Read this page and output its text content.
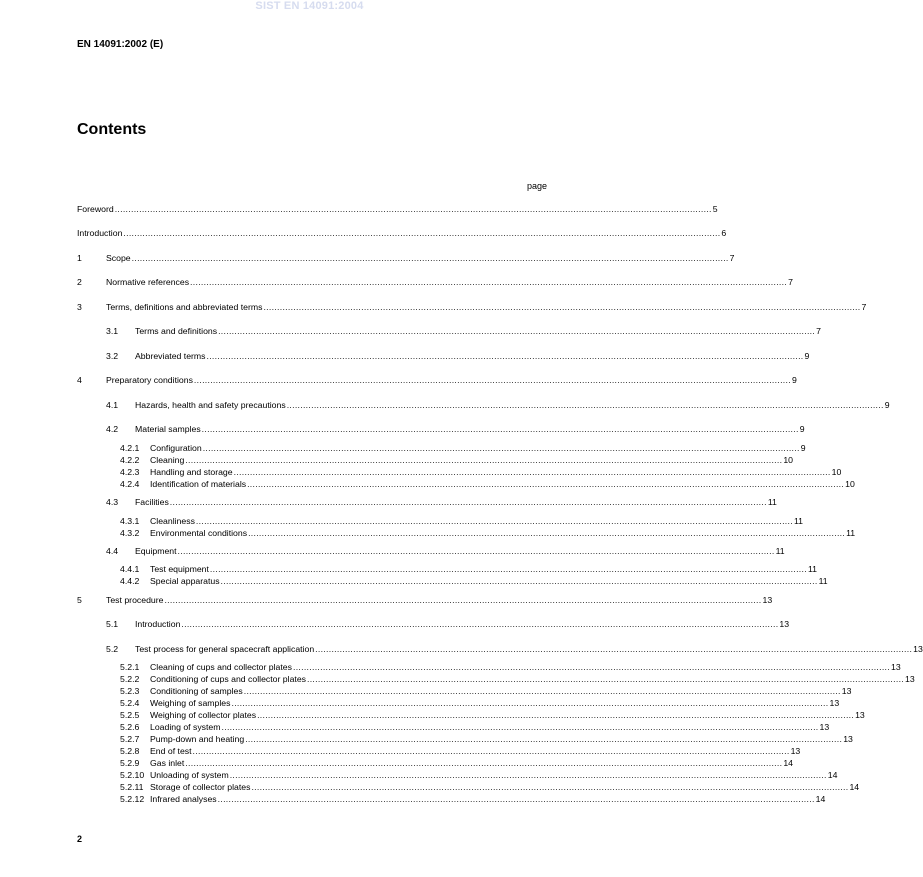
SIST EN 14091:2004
EN 14091:2002 (E)
Contents
page
Foreword ............................................................................................................................................................................................................................ 5
Introduction ............................................................................................................................................................................................................................ 6
1	Scope ............................................................................................................................................................................................................................ 7
2	Normative references ............................................................................................................................................................................................................................ 7
3	Terms, definitions and abbreviated terms ............................................................................................................................................................................................................................ 7
3.1	Terms and definitions ............................................................................................................................................................................................................................ 7
3.2	Abbreviated terms ............................................................................................................................................................................................................................ 9
4	Preparatory conditions ............................................................................................................................................................................................................................ 9
4.1	Hazards, health and safety precautions ............................................................................................................................................................................................................................ 9
4.2	Material samples ............................................................................................................................................................................................................................ 9
4.2.1	Configuration ............................................................................................................................................................................................................................ 9
4.2.2	Cleaning ............................................................................................................................................................................................................................ 10
4.2.3	Handling and storage ............................................................................................................................................................................................................................ 10
4.2.4	Identification of materials ............................................................................................................................................................................................................................ 10
4.3	Facilities ............................................................................................................................................................................................................................ 11
4.3.1	Cleanliness ............................................................................................................................................................................................................................ 11
4.3.2	Environmental conditions ............................................................................................................................................................................................................................ 11
4.4	Equipment ............................................................................................................................................................................................................................ 11
4.4.1	Test equipment ............................................................................................................................................................................................................................ 11
4.4.2	Special apparatus ............................................................................................................................................................................................................................ 11
5	Test procedure ............................................................................................................................................................................................................................ 13
5.1	Introduction ............................................................................................................................................................................................................................ 13
5.2	Test process for general spacecraft application ............................................................................................................................................................................................................................ 13
5.2.1	Cleaning of cups and collector plates ............................................................................................................................................................................................................................ 13
5.2.2	Conditioning of cups and collector plates ............................................................................................................................................................................................................................ 13
5.2.3	Conditioning of samples ............................................................................................................................................................................................................................ 13
5.2.4	Weighing of samples ............................................................................................................................................................................................................................ 13
5.2.5	Weighing of collector plates ............................................................................................................................................................................................................................ 13
5.2.6	Loading of system ............................................................................................................................................................................................................................ 13
5.2.7	Pump-down and heating ............................................................................................................................................................................................................................ 13
5.2.8	End of test ............................................................................................................................................................................................................................ 13
5.2.9	Gas inlet ............................................................................................................................................................................................................................ 14
5.2.10 Unloading of system ............................................................................................................................................................................................................................ 14
5.2.11 Storage of collector plates ............................................................................................................................................................................................................................ 14
5.2.12 Infrared analyses ............................................................................................................................................................................................................................ 14
2
